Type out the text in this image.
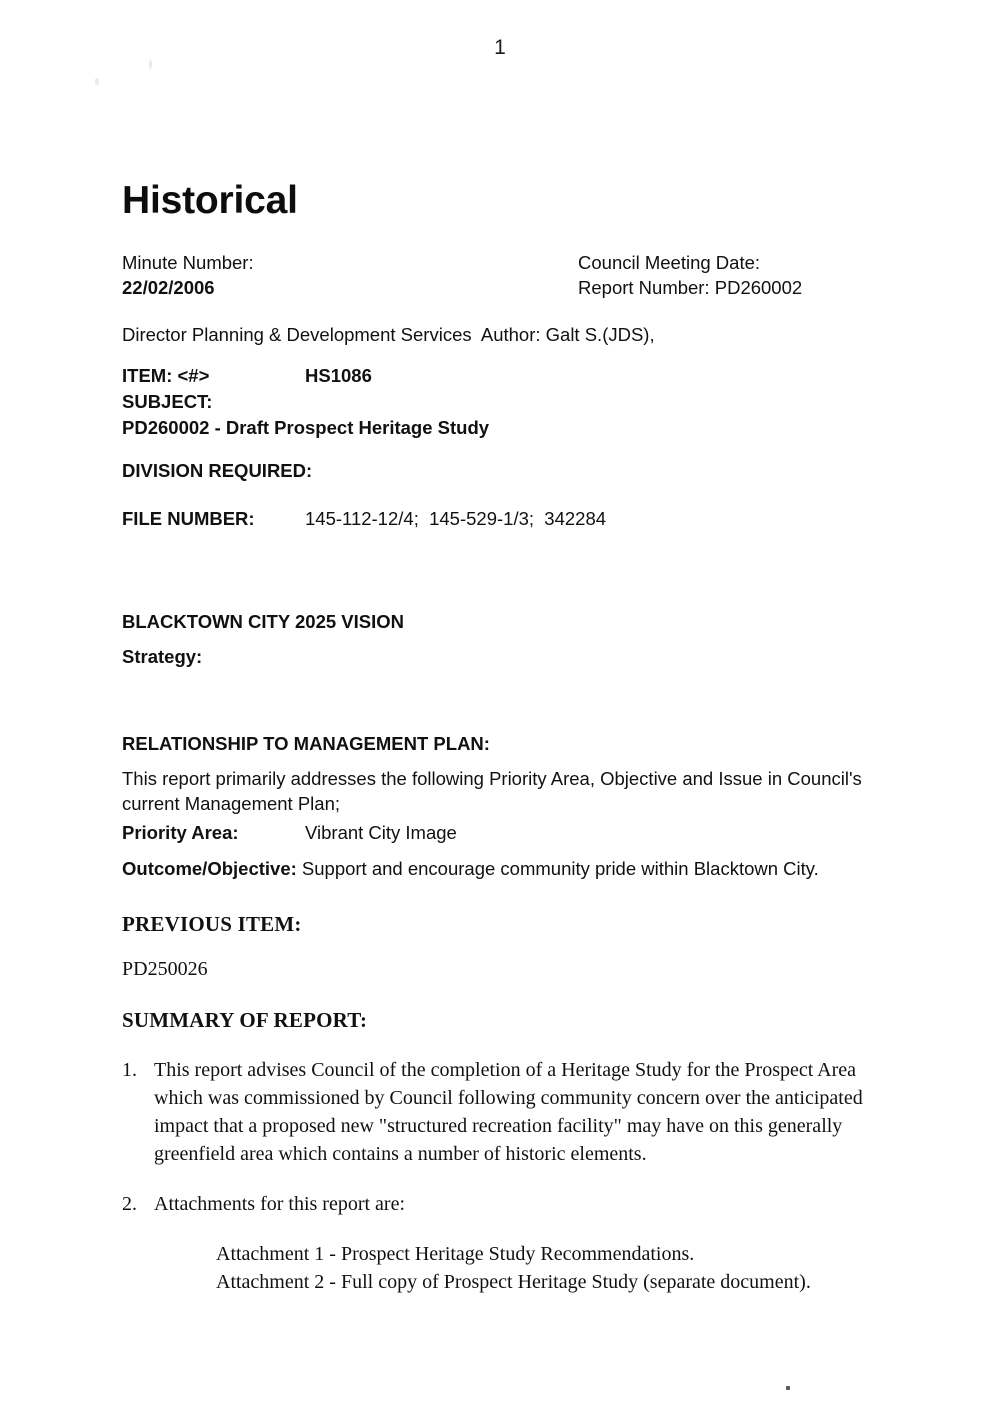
1
Historical
Minute Number:	Council Meeting Date:
22/02/2006	Report Number: PD260002
Director Planning & Development Services  Author: Galt S.(JDS),
ITEM: <#>	HS1086
SUBJECT:
PD260002 - Draft Prospect Heritage Study
DIVISION REQUIRED:
FILE NUMBER:	145-112-12/4;  145-529-1/3;  342284
BLACKTOWN CITY 2025 VISION
Strategy:
RELATIONSHIP TO MANAGEMENT PLAN:
This report primarily addresses the following Priority Area, Objective and Issue in Council's current Management Plan;
Priority Area:	Vibrant City Image
Outcome/Objective: Support and encourage community pride within Blacktown City.
PREVIOUS ITEM:
PD250026
SUMMARY OF REPORT:
1. This report advises Council of the completion of a Heritage Study for the Prospect Area which was commissioned by Council following community concern over the anticipated impact that a proposed new "structured recreation facility" may have on this generally greenfield area which contains a number of historic elements.
2. Attachments for this report are:
Attachment 1 - Prospect Heritage Study Recommendations.
Attachment 2 - Full copy of Prospect Heritage Study (separate document).
